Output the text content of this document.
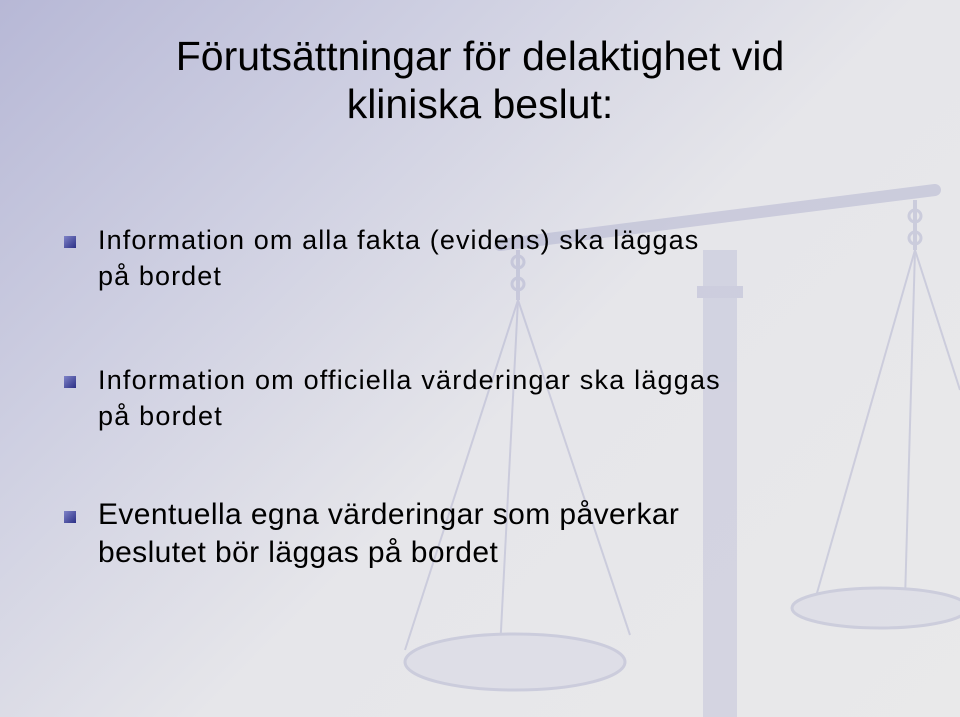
Förutsättningar för delaktighet vid
kliniska beslut:
Information om alla fakta (evidens) ska läggas
på bordet
Information om officiella värderingar ska läggas
på bordet
Eventuella egna värderingar som påverkar
beslutet bör läggas på bordet
